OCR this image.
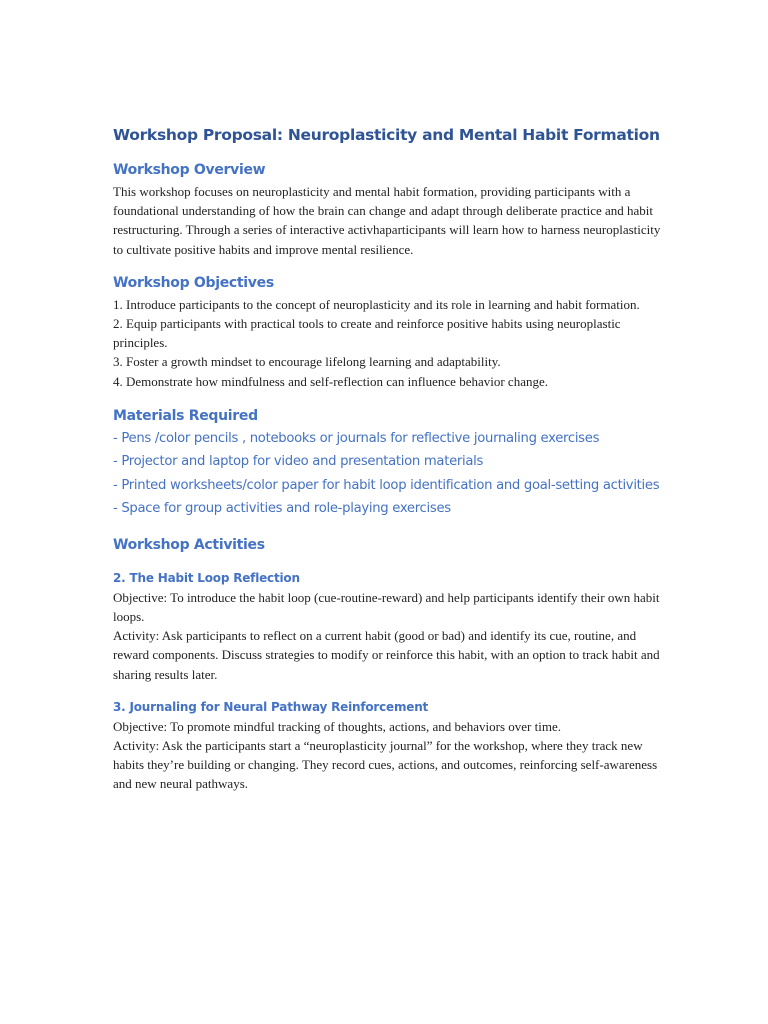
Workshop Proposal: Neuroplasticity and Mental Habit Formation
Workshop Overview

This workshop focuses on neuroplasticity and mental habit formation, providing participants with a foundational understanding of how the brain can change and adapt through deliberate practice and habit restructuring. Through a series of interactive activhaparticipants will learn how to harness neuroplasticity to cultivate positive habits and improve mental resilience.

Workshop Objectives

1. Introduce participants to the concept of neuroplasticity and its role in learning and habit formation.
2. Equip participants with practical tools to create and reinforce positive habits using neuroplastic principles.
3. Foster a growth mindset to encourage lifelong learning and adaptability.
4. Demonstrate how mindfulness and self-reflection can influence behavior change.

Materials Required

- Pens /color pencils , notebooks or journals for reflective journaling exercises

- Projector and laptop for video and presentation materials

- Printed worksheets/color paper for habit loop identification and goal-setting activities

- Space for group activities and role-playing exercises

Workshop Activities
2. The Habit Loop Reflection

Objective: To introduce the habit loop (cue-routine-reward) and help participants identify their own habit loops.

Activity: Ask participants to reflect on a current habit (good or bad) and identify its cue, routine, and reward components. Discuss strategies to modify or reinforce this habit, with an option to track habit and sharing results later.

3. Journaling for Neural Pathway Reinforcement

Objective: To promote mindful tracking of thoughts, actions, and behaviors over time.

Activity: Ask the participants start a “neuroplasticity journal” for the workshop, where they track new habits they’re building or changing. They record cues, actions, and outcomes, reinforcing self-awareness and new neural pathways.
